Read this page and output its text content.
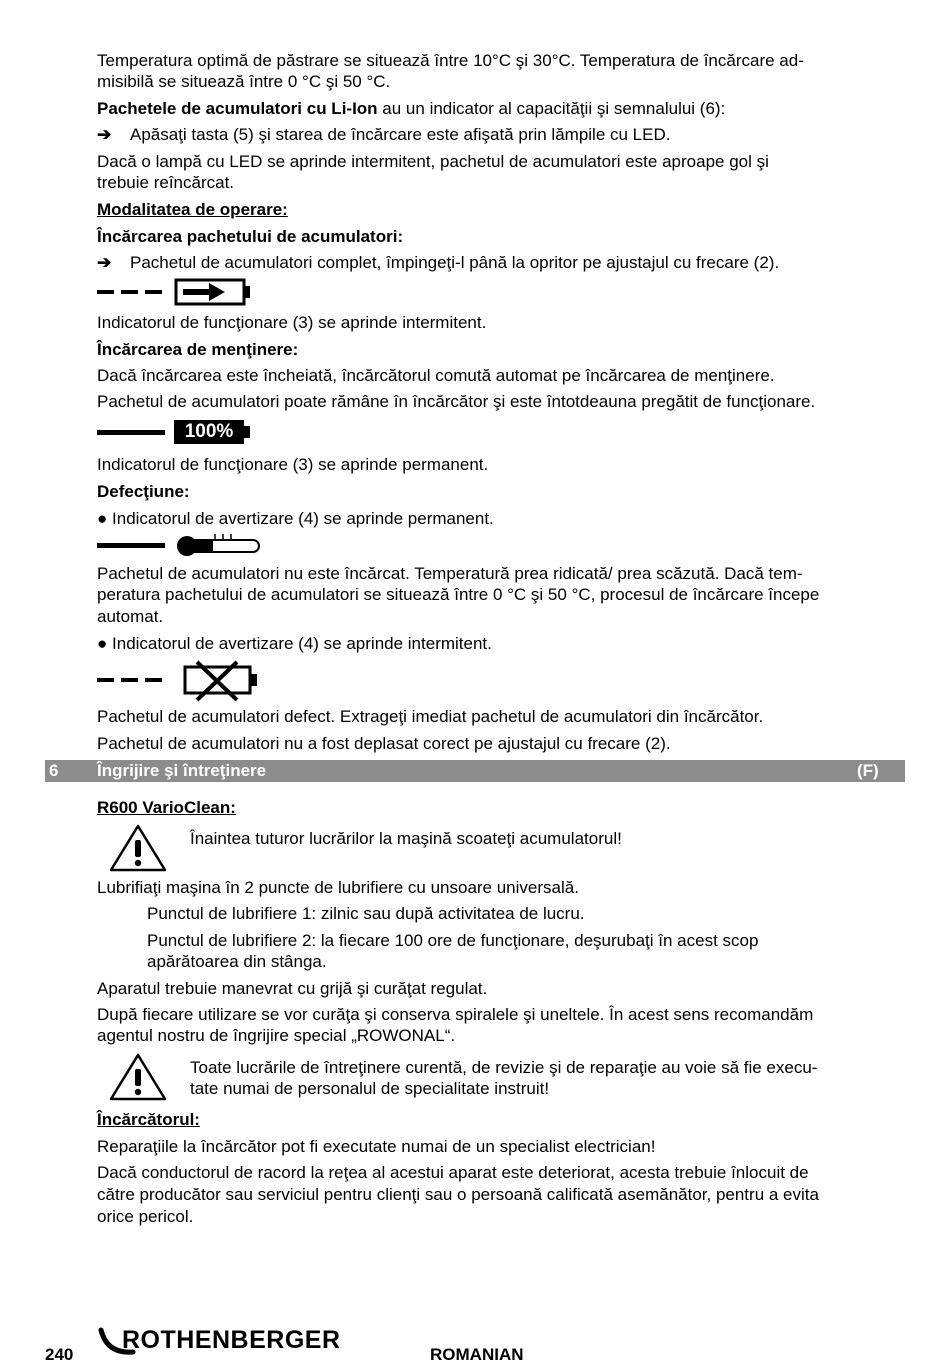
Temperatura optimă de păstrare se situează între 10°C şi 30°C. Temperatura de încărcare ad-
misibilă se situează între 0 °C şi 50 °C.
Pachetele de acumulatori cu Li-Ion au un indicator al capacităţii şi semnalului (6):
➔ Apăsaţi tasta (5) şi starea de încărcare este afişată prin lămpile cu LED.
Dacă o lampă cu LED se aprinde intermitent, pachetul de acumulatori este aproape gol şi
trebuie reîncărcat.
Modalitatea de operare:
Încărcarea pachetului de acumulatori:
➔ Pachetul de acumulatori complet, împingeţi-l până la opritor pe ajustajul cu frecare (2).
Indicatorul de funcţionare (3) se aprinde intermitent.
Încărcarea de menţinere:
Dacă încărcarea este încheiată, încărcătorul comută automat pe încărcarea de menţinere.
Pachetul de acumulatori poate rămâne în încărcător şi este întotdeauna pregătit de funcţionare.
100%
Indicatorul de funcţionare (3) se aprinde permanent.
Defecţiune:
● Indicatorul de avertizare (4) se aprinde permanent.
Pachetul de acumulatori nu este încărcat. Temperatură prea ridicată/ prea scăzută. Dacă tem-
peratura pachetului de acumulatori se situează între 0 °C şi 50 °C, procesul de încărcare începe
automat.
● Indicatorul de avertizare (4) se aprinde intermitent.
Pachetul de acumulatori defect. Extrageţi imediat pachetul de acumulatori din încărcător.
Pachetul de acumulatori nu a fost deplasat corect pe ajustajul cu frecare (2).
6 Îngrijire şi întreţinere	(F)
R600 VarioClean:
Înaintea tuturor lucrărilor la maşină scoateţi acumulatorul!
Lubrifiaţi maşina în 2 puncte de lubrifiere cu unsoare universală.
Punctul de lubrifiere 1: zilnic sau după activitatea de lucru.
Punctul de lubrifiere 2: la fiecare 100 ore de funcţionare, deşurubaţi în acest scop
apărătoarea din stânga.
Aparatul trebuie manevrat cu grijă şi curăţat regulat.
După fiecare utilizare se vor curăţa şi conserva spiralele şi uneltele. În acest sens recomandăm
agentul nostru de îngrijire special „ROWONAL“.
Toate lucrările de întreţinere curentă, de revizie şi de reparaţie au voie să fie execu-
tate numai de personalul de specialitate instruit!
Încărcătorul:
Reparaţiile la încărcător pot fi executate numai de un specialist electrician!
Dacă conductorul de racord la reţea al acestui aparat este deteriorat, acesta trebuie înlocuit de
către producător sau serviciul pentru clienţi sau o persoană calificată asemănător, pentru a evita
orice pericol.
240
ROTHENBERGER
ROMANIAN
